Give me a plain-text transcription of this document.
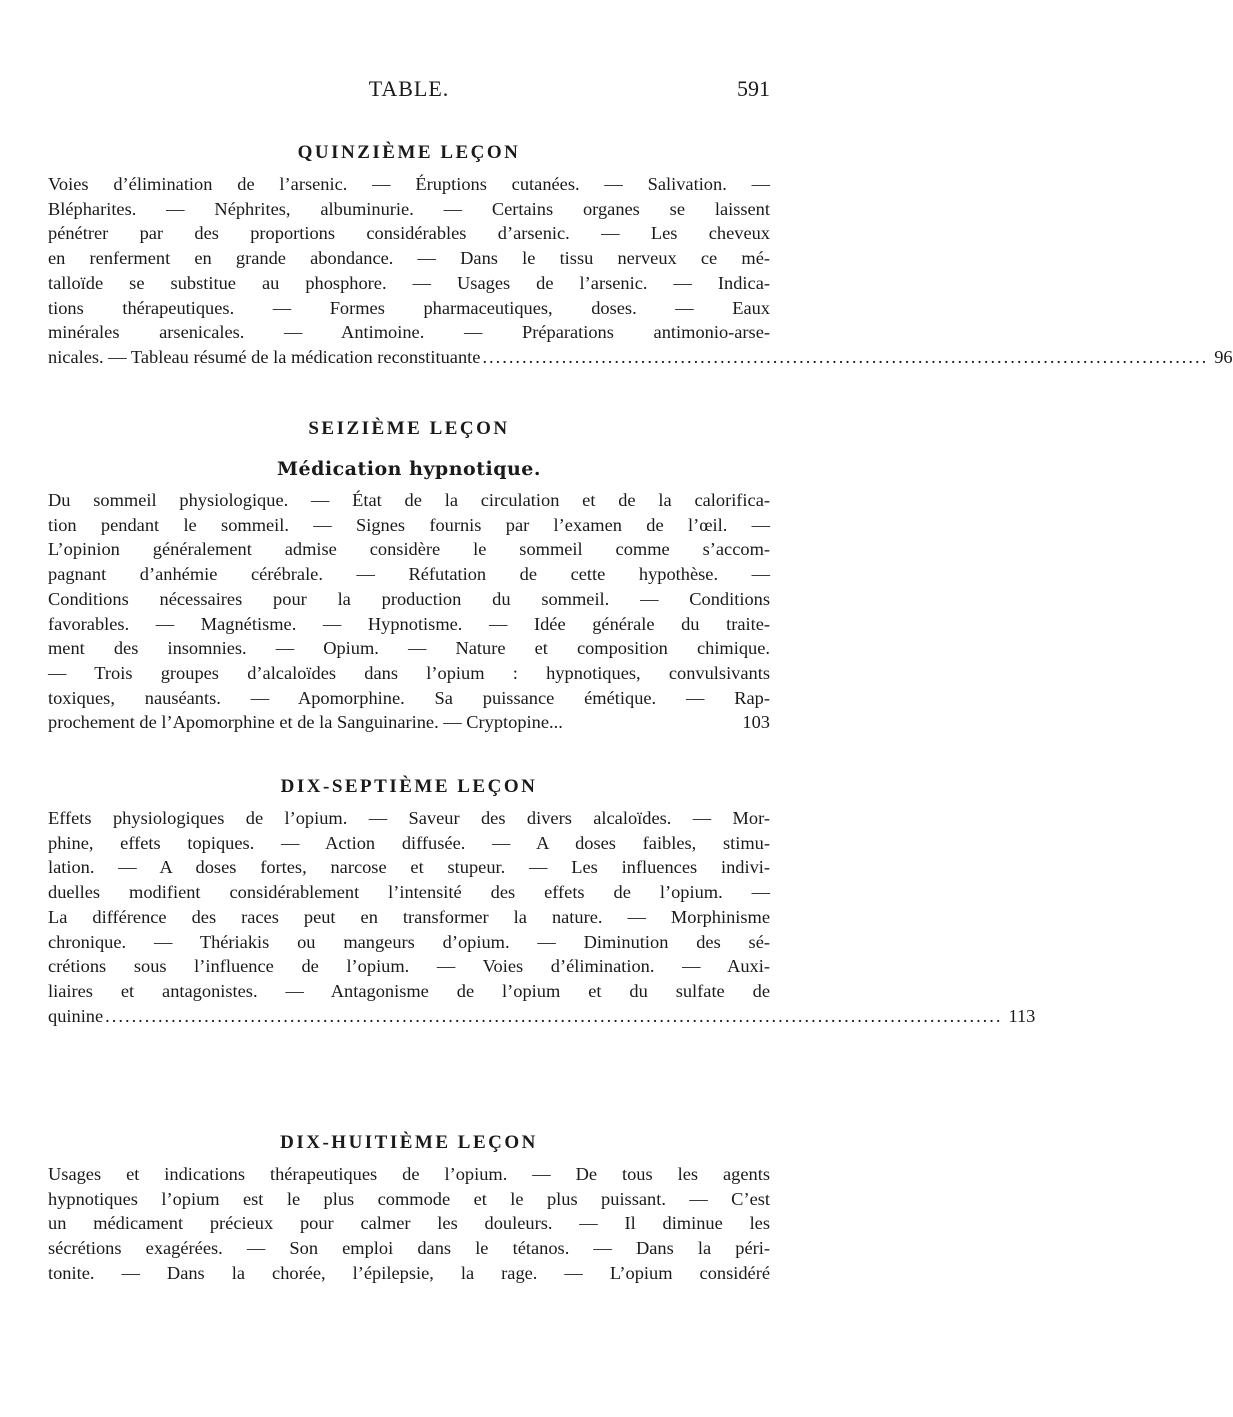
TABLE.	591
QUINZIÈME LEÇON
Voies d’élimination de l’arsenic. — Éruptions cutanées. — Salivation. —
Blépharites. — Néphrites, albuminurie. — Certains organes se laissent
pénétrer par des proportions considérables d’arsenic. — Les cheveux
en renferment en grande abondance. — Dans le tissu nerveux ce mé-
talloïde se substitue au phosphore. — Usages de l’arsenic. — Indica-
tions thérapeutiques. — Formes pharmaceutiques, doses. — Eaux
minérales arsenicales. — Antimoine. — Préparations antimonio-arse-
nicales. — Tableau résumé de la médication reconstituante .............................................................................................................. 96
SEIZIÈME LEÇON
Médication hypnotique.
Du sommeil physiologique. — État de la circulation et de la calorifica-
tion pendant le sommeil. — Signes fournis par l’examen de l’œil. —
L’opinion généralement admise considère le sommeil comme s’accom-
pagnant d’anhémie cérébrale. — Réfutation de cette hypothèse. —
Conditions nécessaires pour la production du sommeil. — Conditions
favorables. — Magnétisme. — Hypnotisme. — Idée générale du traite-
ment des insomnies. — Opium. — Nature et composition chimique.
— Trois groupes d’alcaloïdes dans l’opium : hypnotiques, convulsivants
toxiques, nauséants. — Apomorphine. Sa puissance émétique. — Rap-
prochement de l’Apomorphine et de la Sanguinarine. — Cryptopine...	103
DIX-SEPTIÈME LEÇON
Effets physiologiques de l’opium. — Saveur des divers alcaloïdes. — Mor-
phine, effets topiques. — Action diffusée. — A doses faibles, stimu-
lation. — A doses fortes, narcose et stupeur. — Les influences indivi-
duelles modifient considérablement l’intensité des effets de l’opium. —
La différence des races peut en transformer la nature. — Morphinisme
chronique. — Thériakis ou mangeurs d’opium. — Diminution des sé-
crétions sous l’influence de l’opium. — Voies d’élimination. — Auxi-
liaires et antagonistes. — Antagonisme de l’opium et du sulfate de
quinine ........................................................................................................................................ 113
DIX-HUITIÈME LEÇON
Usages et indications thérapeutiques de l’opium. — De tous les agents
hypnotiques l’opium est le plus commode et le plus puissant. — C’est
un médicament précieux pour calmer les douleurs. — Il diminue les
sécrétions exagérées. — Son emploi dans le tétanos. — Dans la péri-
tonite. — Dans la chorée, l’épilepsie, la rage. — L’opium considéré
